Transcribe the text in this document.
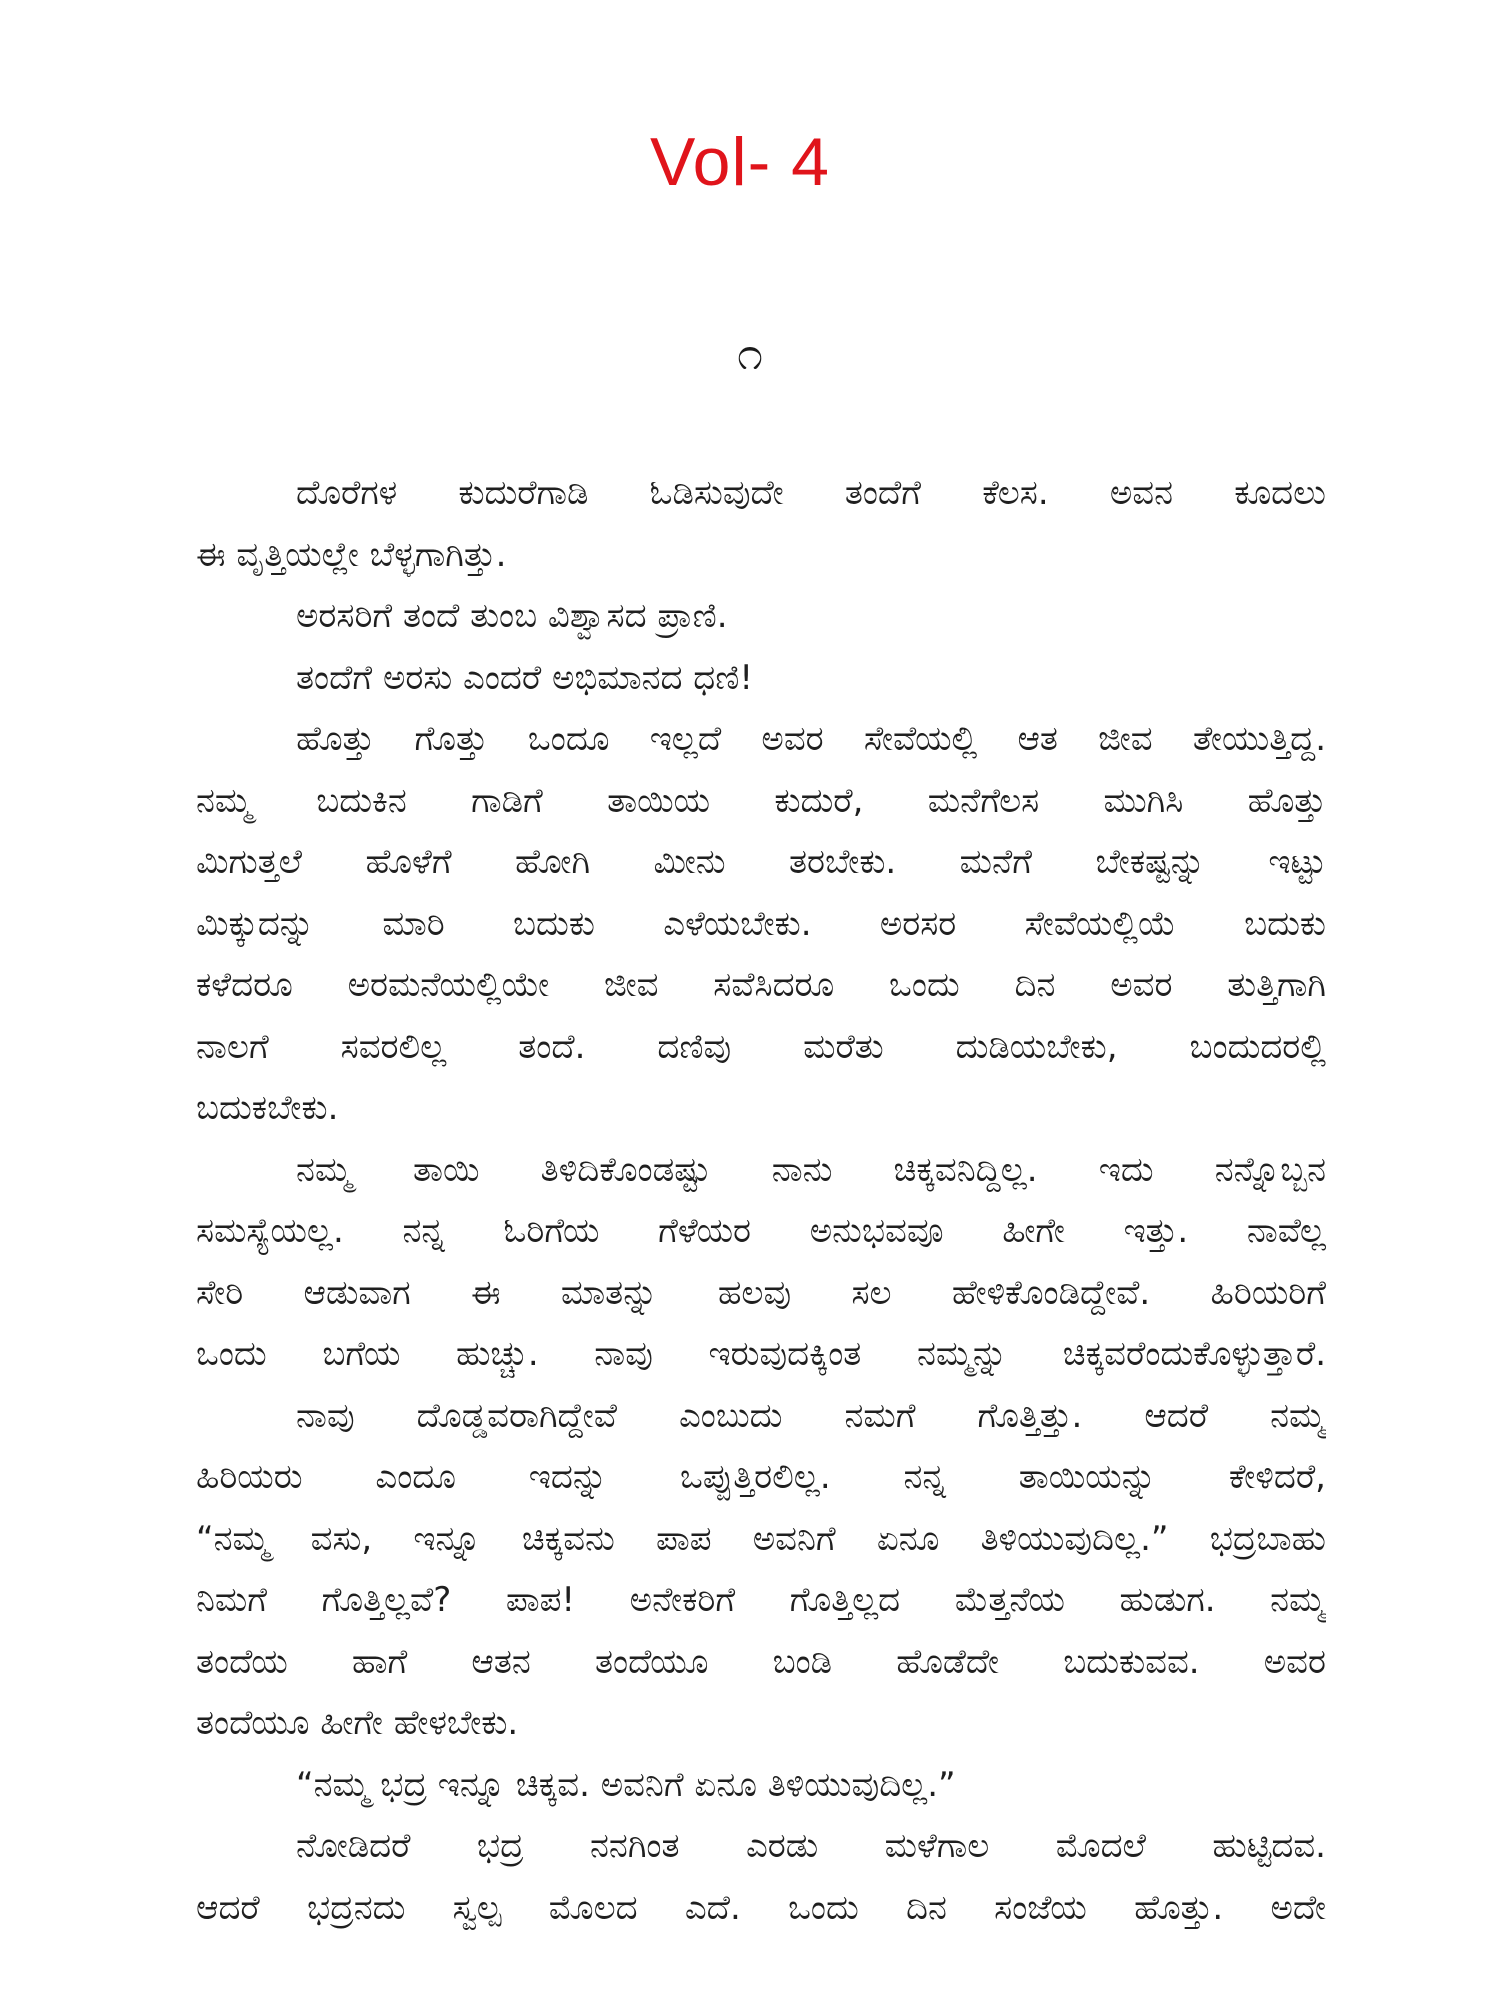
Vol- 4
೧
ದೊರೆಗಳ ಕುದುರೆಗಾಡಿ ಓಡಿಸುವುದೇ ತಂದೆಗೆ ಕೆಲಸ. ಅವನ ಕೂದಲು
ಈ ವೃತ್ತಿಯಲ್ಲೇ ಬೆಳ್ಳಗಾಗಿತ್ತು.
ಅರಸರಿಗೆ ತಂದೆ ತುಂಬ ವಿಶ್ವಾಸದ ಪ್ರಾಣಿ.
ತಂದೆಗೆ ಅರಸು ಎಂದರೆ ಅಭಿಮಾನದ ಧಣಿ!
ಹೊತ್ತು ಗೊತ್ತು ಒಂದೂ ಇಲ್ಲದೆ ಅವರ ಸೇವೆಯಲ್ಲಿ ಆತ ಜೀವ ತೇಯುತ್ತಿದ್ದ.
ನಮ್ಮ ಬದುಕಿನ ಗಾಡಿಗೆ ತಾಯಿಯ ಕುದುರೆ, ಮನೆಗೆಲಸ ಮುಗಿಸಿ ಹೊತ್ತು
ಮಿಗುತ್ತಲೆ ಹೊಳೆಗೆ ಹೋಗಿ ಮೀನು ತರಬೇಕು. ಮನೆಗೆ ಬೇಕಷ್ಟನ್ನು ಇಟ್ಟು
ಮಿಕ್ಕುದನ್ನು ಮಾರಿ ಬದುಕು ಎಳೆಯಬೇಕು. ಅರಸರ ಸೇವೆಯಲ್ಲಿಯೆ ಬದುಕು
ಕಳೆದರೂ ಅರಮನೆಯಲ್ಲಿಯೇ ಜೀವ ಸವೆಸಿದರೂ ಒಂದು ದಿನ ಅವರ ತುತ್ತಿಗಾಗಿ
ನಾಲಗೆ ಸವರಲಿಲ್ಲ ತಂದೆ. ದಣಿವು ಮರೆತು ದುಡಿಯಬೇಕು, ಬಂದುದರಲ್ಲಿ
ಬದುಕಬೇಕು.
ನಮ್ಮ ತಾಯಿ ತಿಳಿದಿಕೊಂಡಷ್ಟು ನಾನು ಚಿಕ್ಕವನಿದ್ದಿಲ್ಲ. ಇದು ನನ್ನೊಬ್ಬನ
ಸಮಸ್ಯೆಯಲ್ಲ. ನನ್ನ ಓರಿಗೆಯ ಗೆಳೆಯರ ಅನುಭವವೂ ಹೀಗೇ ಇತ್ತು. ನಾವೆಲ್ಲ
ಸೇರಿ ಆಡುವಾಗ ಈ ಮಾತನ್ನು ಹಲವು ಸಲ ಹೇಳಿಕೊಂಡಿದ್ದೇವೆ. ಹಿರಿಯರಿಗೆ
ಒಂದು ಬಗೆಯ ಹುಚ್ಚು. ನಾವು ಇರುವುದಕ್ಕಿಂತ ನಮ್ಮನ್ನು ಚಿಕ್ಕವರೆಂದುಕೊಳ್ಳುತ್ತಾರೆ.
ನಾವು ದೊಡ್ಡವರಾಗಿದ್ದೇವೆ ಎಂಬುದು ನಮಗೆ ಗೊತ್ತಿತ್ತು. ಆದರೆ ನಮ್ಮ
ಹಿರಿಯರು ಎಂದೂ ಇದನ್ನು ಒಪ್ಪುತ್ತಿರಲಿಲ್ಲ. ನನ್ನ ತಾಯಿಯನ್ನು ಕೇಳಿದರೆ,
“ನಮ್ಮ ವಸು, ಇನ್ನೂ ಚಿಕ್ಕವನು ಪಾಪ ಅವನಿಗೆ ಏನೂ ತಿಳಿಯುವುದಿಲ್ಲ.” ಭದ್ರಬಾಹು
ನಿಮಗೆ ಗೊತ್ತಿಲ್ಲವೆ? ಪಾಪ! ಅನೇಕರಿಗೆ ಗೊತ್ತಿಲ್ಲದ ಮೆತ್ತನೆಯ ಹುಡುಗ. ನಮ್ಮ
ತಂದೆಯ ಹಾಗೆ ಆತನ ತಂದೆಯೂ ಬಂಡಿ ಹೊಡೆದೇ ಬದುಕುವವ. ಅವರ
ತಂದೆಯೂ ಹೀಗೇ ಹೇಳಬೇಕು.
“ನಮ್ಮ ಭದ್ರ ಇನ್ನೂ ಚಿಕ್ಕವ. ಅವನಿಗೆ ಏನೂ ತಿಳಿಯುವುದಿಲ್ಲ.”
ನೋಡಿದರೆ ಭದ್ರ ನನಗಿಂತ ಎರಡು ಮಳೆಗಾಲ ಮೊದಲೆ ಹುಟ್ಟಿದವ.
ಆದರೆ ಭದ್ರನದು ಸ್ವಲ್ಪ ಮೊಲದ ಎದೆ. ಒಂದು ದಿನ ಸಂಜೆಯ ಹೊತ್ತು. ಅದೇ
